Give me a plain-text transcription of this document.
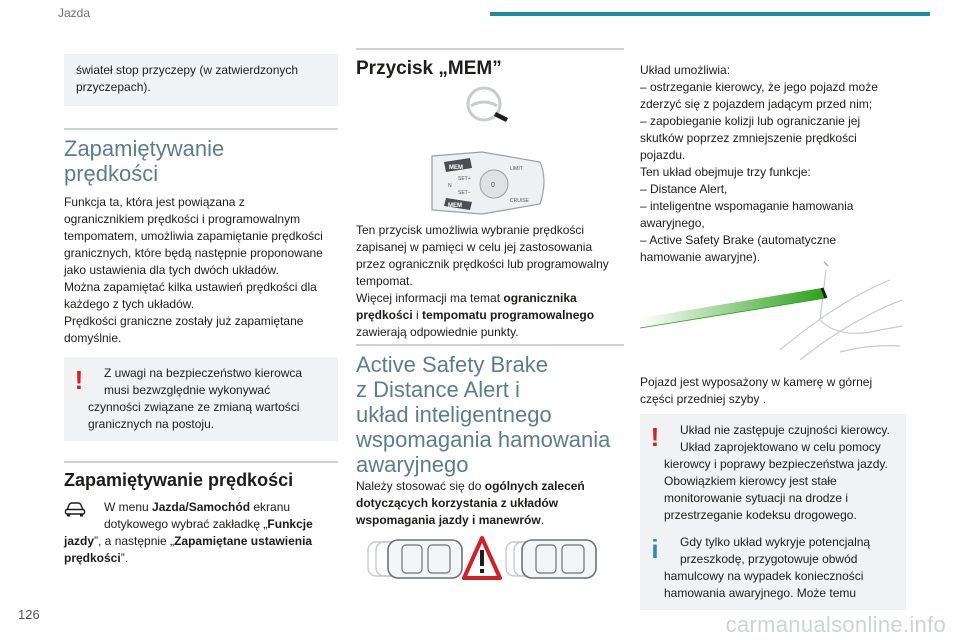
Jazda
świateł stop przyczepy (w zatwierdzonych
przyczepach).
Zapamiętywanie
prędkości
Funkcja ta, która jest powiązana z
ogranicznikiem prędkości i programowalnym
tempomatem, umożliwia zapamiętanie prędkości
granicznych, które będą następnie proponowane
jako ustawienia dla tych dwóch układów.
Można zapamiętać kilka ustawień prędkości dla
każdego z tych układów.
Prędkości graniczne zostały już zapamiętane
domyślnie.
! Z uwagi na bezpieczeństwo kierowca
musi bezwzględnie wykonywać
czynności związane ze zmianą wartości
granicznych na postoju.
Zapamiętywanie prędkości
W menu Jazda/Samochód ekranu
dotykowego wybrać zakładkę „Funkcje
jazdy”, a następnie „Zapamiętane ustawienia
prędkości”.
Przycisk „MEM”
MEM
MEM
SET+
SET−
N	0
LIMIT
CRUISE
Ten przycisk umożliwia wybranie prędkości
zapisanej w pamięci w celu jej zastosowania
przez ogranicznik prędkości lub programowalny
tempomat.
Więcej informacji ma temat ogranicznika
prędkości i tempomatu programowalnego
zawierają odpowiednie punkty.
Active Safety Brake
z Distance Alert i
układ inteligentnego
wspomagania hamowania
awaryjnego
Należy stosować się do ogólnych zaleceń
dotyczących korzystania z układów
wspomagania jazdy i manewrów.
Układ umożliwia:
– ostrzeganie kierowcy, że jego pojazd może
zderzyć się z pojazdem jadącym przed nim;
– zapobieganie kolizji lub ograniczanie jej
skutków poprzez zmniejszenie prędkości
pojazdu.
Ten układ obejmuje trzy funkcje:
– Distance Alert,
– inteligentne wspomaganie hamowania
awaryjnego,
– Active Safety Brake (automatyczne
hamowanie awaryjne).
Pojazd jest wyposażony w kamerę w górnej
części przedniej szyby .
! Układ nie zastępuje czujności kierowcy.
Układ zaprojektowano w celu pomocy
kierowcy i poprawy bezpieczeństwa jazdy.
Obowiązkiem kierowcy jest stałe
monitorowanie sytuacji na drodze i
przestrzeganie kodeksu drogowego.
i Gdy tylko układ wykryje potencjalną
przeszkodę, przygotowuje obwód
hamulcowy na wypadek konieczności
hamowania awaryjnego. Może temu
126	carmanualsonline.info
